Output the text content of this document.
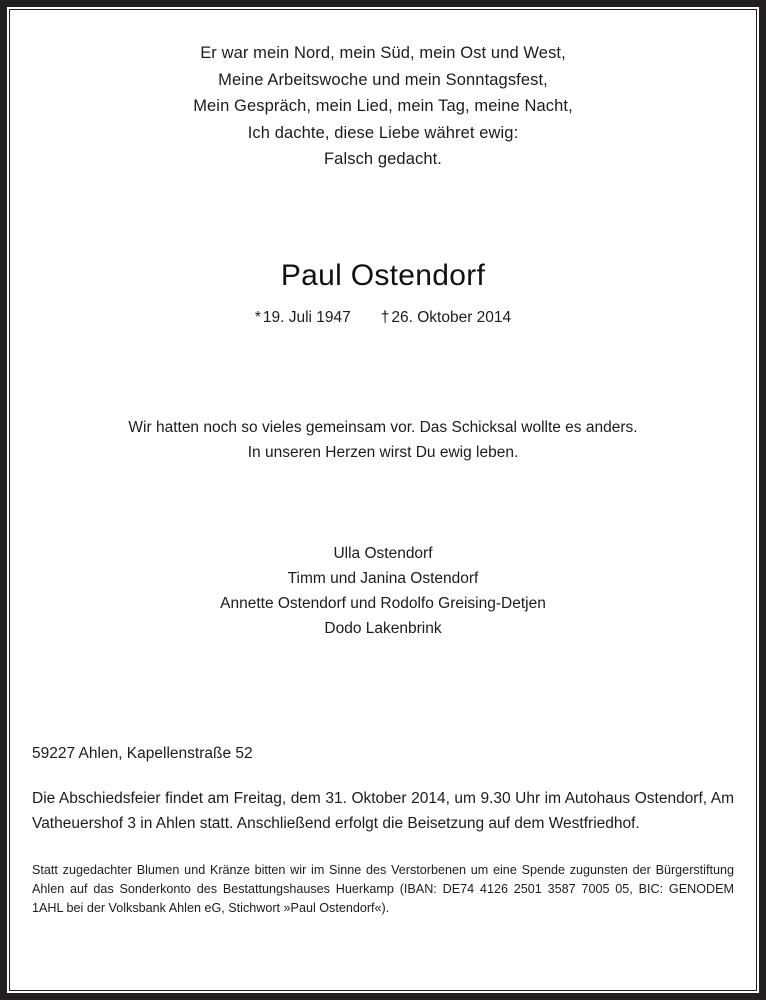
Er war mein Nord, mein Süd, mein Ost und West,
Meine Arbeitswoche und mein Sonntagsfest,
Mein Gespräch, mein Lied, mein Tag, meine Nacht,
Ich dachte, diese Liebe währet ewig:
Falsch gedacht.
Paul Ostendorf
* 19. Juli 1947 † 26. Oktober 2014
Wir hatten noch so vieles gemeinsam vor. Das Schicksal wollte es anders.
In unseren Herzen wirst Du ewig leben.
Ulla Ostendorf
Timm und Janina Ostendorf
Annette Ostendorf und Rodolfo Greising-Detjen
Dodo Lakenbrink
59227 Ahlen, Kapellenstraße 52
Die Abschiedsfeier findet am Freitag, dem 31. Oktober 2014, um 9.30 Uhr im Autohaus Ostendorf, Am Vatheuershof 3 in Ahlen statt. Anschließend erfolgt die Beisetzung auf dem Westfriedhof.
Statt zugedachter Blumen und Kränze bitten wir im Sinne des Verstorbenen um eine Spende zugunsten der Bürgerstiftung Ahlen auf das Sonderkonto des Bestattungshauses Huerkamp (IBAN: DE74 4126 2501 3587 7005 05, BIC: GENODEM 1AHL bei der Volksbank Ahlen eG, Stichwort »Paul Ostendorf«).
